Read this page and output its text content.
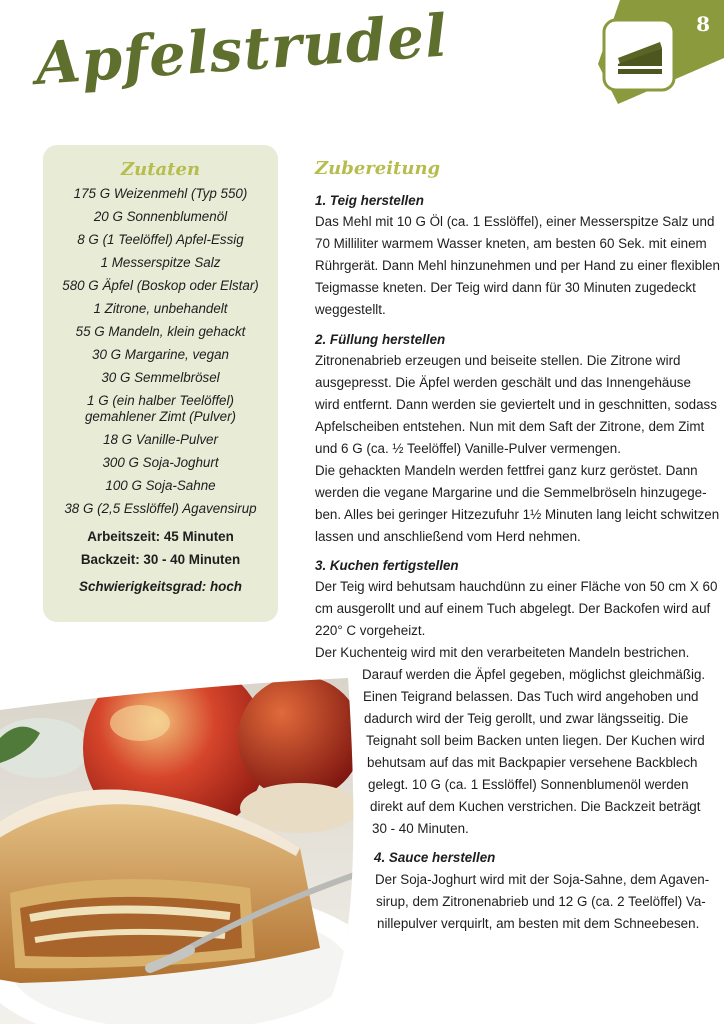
8
Apfelstrudel
Zutaten
175 G Weizenmehl (Typ 550)
20 G Sonnenblumenöl
8 G (1 Teelöffel) Apfel-Essig
1 Messerspitze Salz
580 G Äpfel (Boskop oder Elstar)
1 Zitrone, unbehandelt
55 G Mandeln, klein gehackt
30 G Margarine, vegan
30 G Semmelbrösel
1 G (ein halber Teelöffel) gemahlener Zimt (Pulver)
18 G Vanille-Pulver
300 G Soja-Joghurt
100 G Soja-Sahne
38 G (2,5 Esslöffel) Agavensirup
Arbeitszeit: 45 Minuten
Backzeit: 30 - 40 Minuten
Schwierigkeitsgrad: hoch
Zubereitung
1. Teig herstellen
Das Mehl mit 10 G Öl (ca. 1 Esslöffel), einer Messerspitze Salz und
70 Milliliter warmem Wasser kneten, am besten 60 Sek. mit einem
Rührgerät. Dann Mehl hinzunehmen und per Hand zu einer flexiblen
Teigmasse kneten. Der Teig wird dann für 30 Minuten zugedeckt
weggestellt.
2. Füllung herstellen
Zitronenabrieb erzeugen und beiseite stellen. Die Zitrone wird
ausgepresst. Die Äpfel werden geschält und das Innengehäuse
wird entfernt. Dann werden sie geviertelt und in geschnitten, sodass
Apfelscheiben entstehen. Nun mit dem Saft der Zitrone, dem Zimt
und 6 G (ca. ½ Teelöffel) Vanille-Pulver vermengen.
Die gehackten Mandeln werden fettfrei ganz kurz geröstet. Dann
werden die vegane Margarine und die Semmelbröseln hinzugege-
ben. Alles bei geringer Hitzezufuhr 1½ Minuten lang leicht schwitzen
lassen und anschließend vom Herd nehmen.
3. Kuchen fertigstellen
Der Teig wird behutsam hauchdünn zu einer Fläche von 50 cm X 60
cm ausgerollt und auf einem Tuch abgelegt. Der Backofen wird auf
220° C vorgeheizt.
Der Kuchenteig wird mit den verarbeiteten Mandeln bestrichen.
Darauf werden die Äpfel gegeben, möglichst gleichmäßig.
Einen Teigrand belassen. Das Tuch wird angehoben und
dadurch wird der Teig gerollt, und zwar längsseitig. Die
Teignaht soll beim Backen unten liegen. Der Kuchen wird
behutsam auf das mit Backpapier versehene Backblech
gelegt. 10 G (ca. 1 Esslöffel) Sonnenblumenöl werden
direkt auf dem Kuchen verstrichen. Die Backzeit beträgt
30 - 40 Minuten.
4. Sauce herstellen
Der Soja-Joghurt wird mit der Soja-Sahne, dem Agaven-
sirup, dem Zitronenabrieb und 12 G (ca. 2 Teelöffel) Va-
nillepulver verquirlt, am besten mit dem Schneebesen.
